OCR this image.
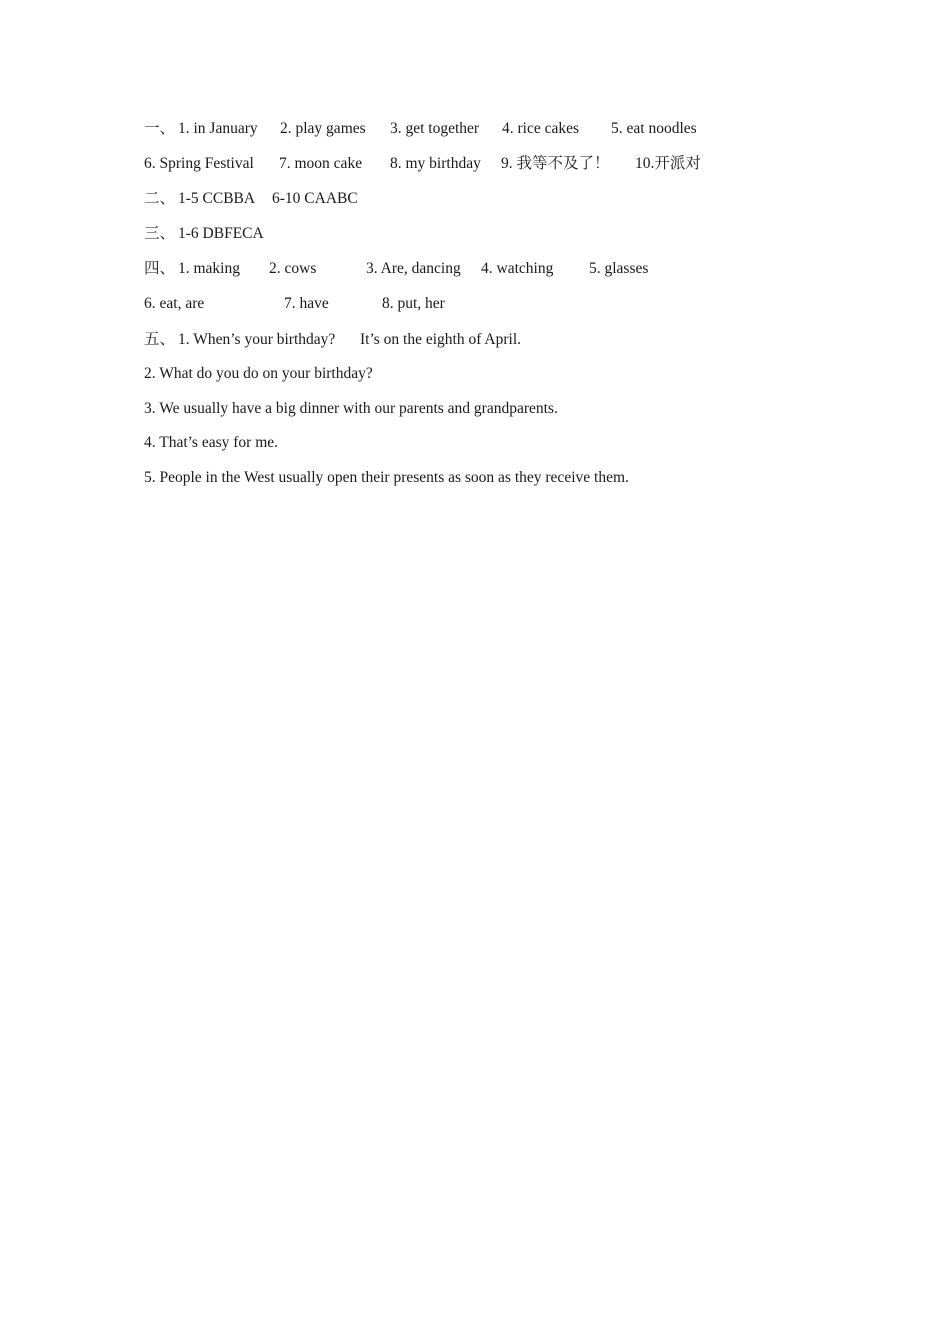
一、

1. in January

2. play games

3. get together

4. rice cakes

5. eat noodles

6. Spring Festival

7. moon cake

8. my birthday

9. 我等不及了！

10.开派对

二、

1-5 CCBBA

6-10 CAABC

三、

1-6 DBFECA

四、

1. making

2. cows

	3. Are, dancing

4. watching

5. glasses

6. eat, are

	7. have

	8. put, her

五、

1. When’s your birthday?

It’s on the eighth of April.

2. What do you do on your birthday?

3. We usually have a big dinner with our parents and grandparents.

4. That’s easy for me.

5. People in the West usually open their presents as soon as they receive them.
